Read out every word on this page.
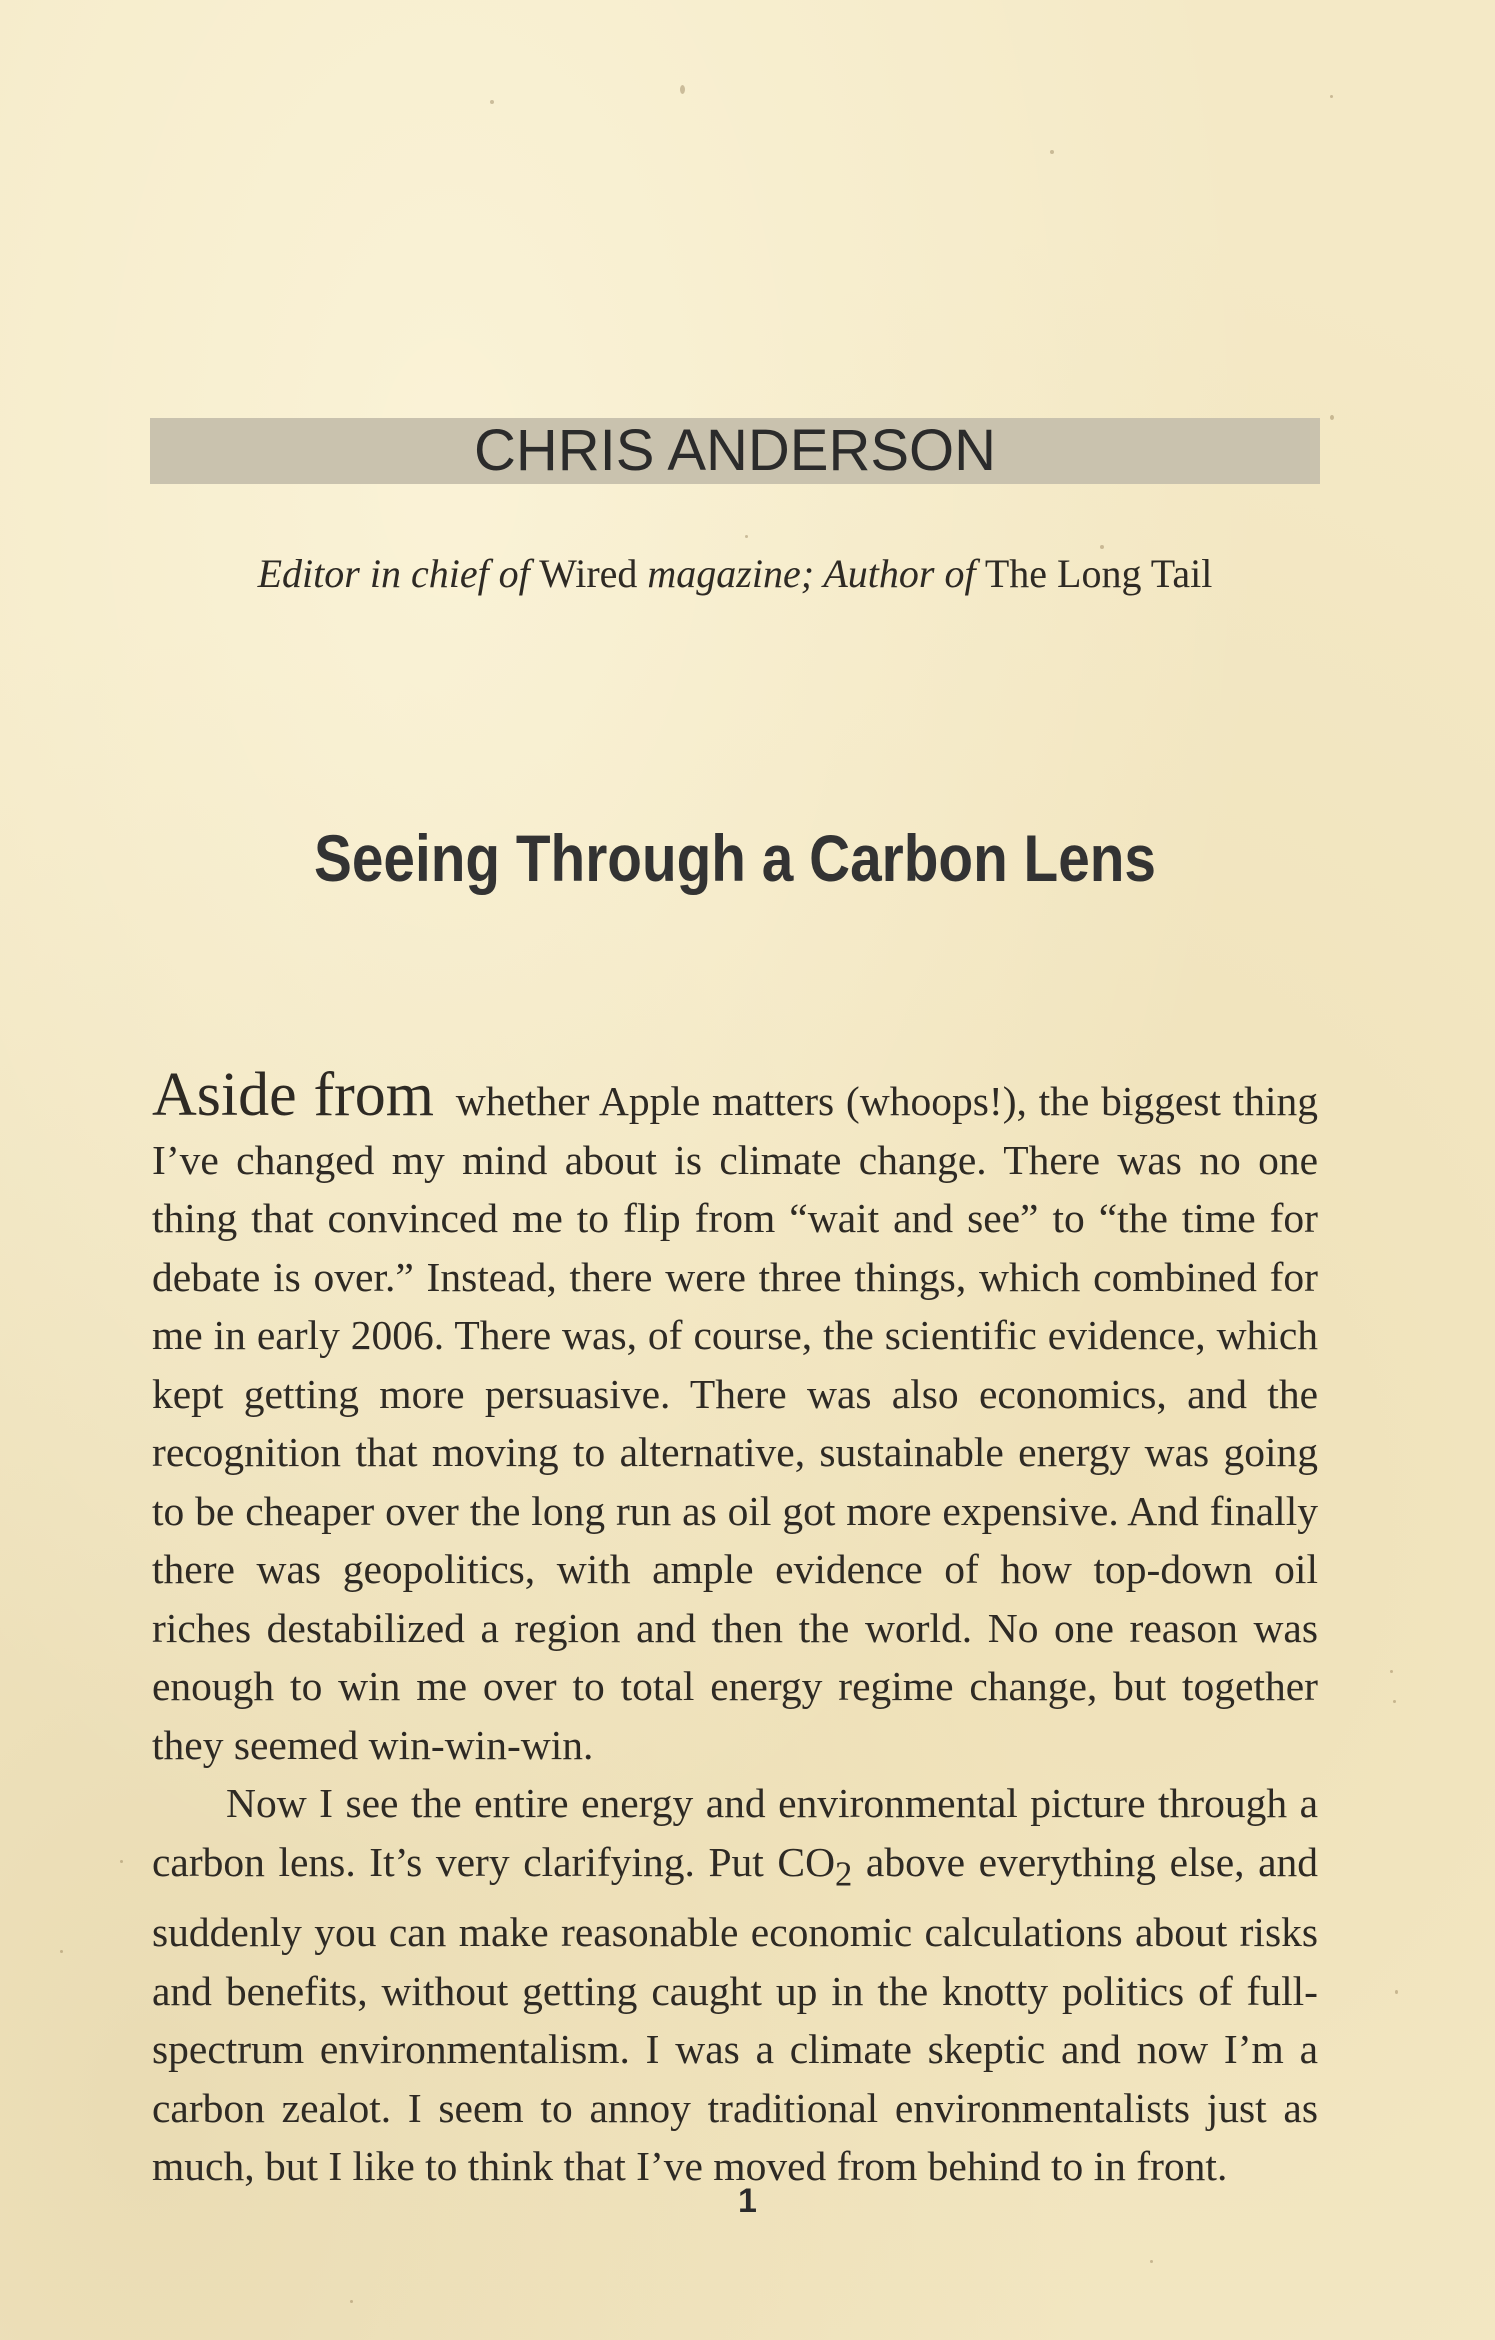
CHRIS ANDERSON
Editor in chief of Wired magazine; Author of The Long Tail
Seeing Through a Carbon Lens

Aside from whether Apple matters (whoops!), the biggest thing I’ve changed my mind about is climate change. There was no one thing that convinced me to flip from “wait and see” to “the time for debate is over.” Instead, there were three things, which combined for me in early 2006. There was, of course, the scientific evidence, which kept getting more persuasive. There was also economics, and the recognition that moving to alternative, sustainable energy was going to be cheaper over the long run as oil got more expensive. And finally there was geopolitics, with ample evidence of how top-down oil riches destabilized a region and then the world. No one reason was enough to win me over to total energy regime change, but together they seemed win-win-win.

Now I see the entire energy and environmental picture through a carbon lens. It’s very clarifying. Put $CO_2$ above everything else, and suddenly you can make reasonable economic calculations about risks and benefits, without getting caught up in the knotty politics of full-spectrum environmentalism. I was a climate skeptic and now I’m a carbon zealot. I seem to annoy traditional environmentalists just as much, but I like to think that I’ve moved from behind to in front.

1
